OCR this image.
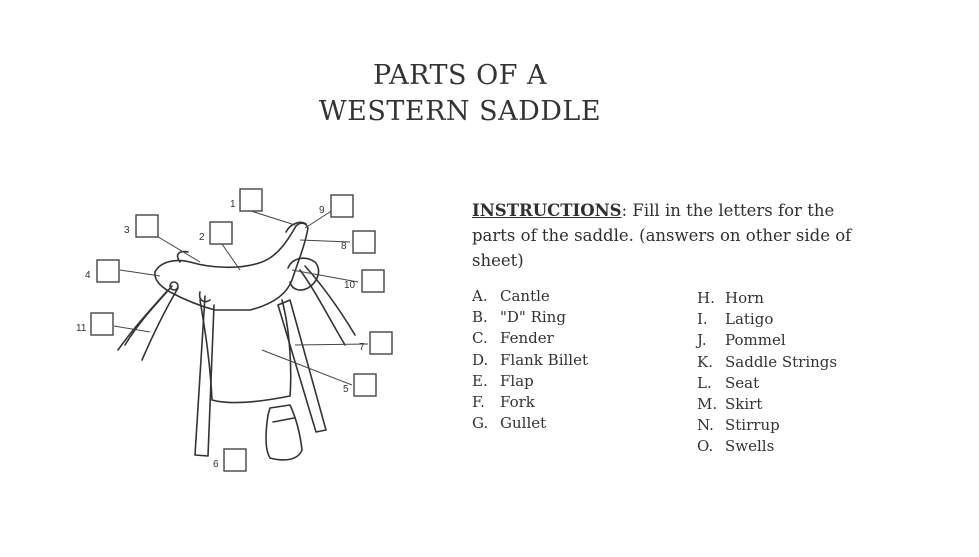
PARTS OF A
WESTERN SADDLE
1
2
3
4
5
6
7
8
9
10
11
INSTRUCTIONS: Fill in the letters for the parts of the saddle. (answers on other side of sheet)
A. Cantle
B. "D" Ring
C. Fender
D. Flank Billet
E. Flap
F. Fork
G. Gullet
H. Horn
I. Latigo
J. Pommel
K. Saddle Strings
L. Seat
M. Skirt
N. Stirrup
O. Swells
